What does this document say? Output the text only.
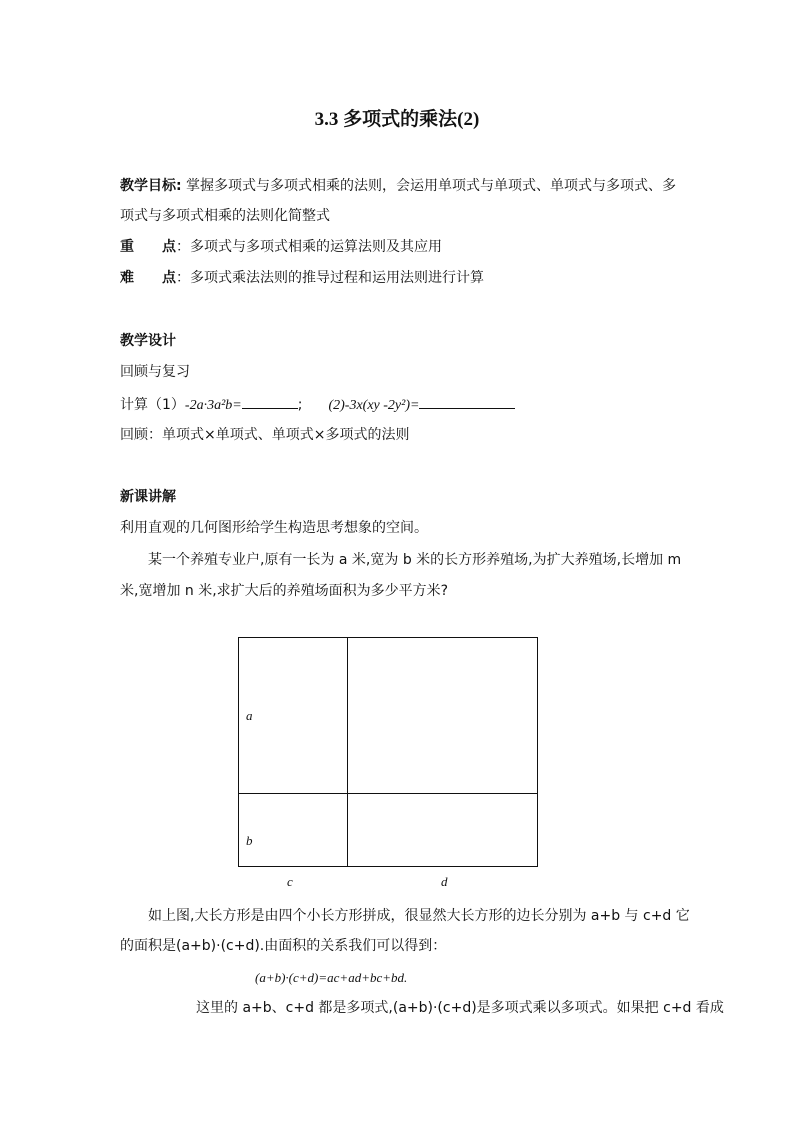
3.3 多项式的乘法(2)
教学目标: 掌握多项式与多项式相乘的法则，会运用单项式与单项式、单项式与多项式、多
项式与多项式相乘的法则化简整式
重　　点：多项式与多项式相乘的运算法则及其应用
难　　点：多项式乘法法则的推导过程和运用法则进行计算
教学设计
回顾与复习
计算（1）-2a·3a²b=	; (2)-3x(xy -2y²)=
回顾：单项式×单项式、单项式×多项式的法则
新课讲解
利用直观的几何图形给学生构造思考想象的空间。
某一个养殖专业户,原有一长为 a 米,宽为 b 米的长方形养殖场,为扩大养殖场,长增加 m
米,宽增加 n 米,求扩大后的养殖场面积为多少平方米?
a
b
c	d
如上图,大长方形是由四个小长方形拼成，很显然大长方形的边长分别为 a+b 与 c+d 它
的面积是(a+b)·(c+d).由面积的关系我们可以得到：
(a+b)·(c+d)=ac+ad+bc+bd.
这里的 a+b、c+d 都是多项式,(a+b)·(c+d)是多项式乘以多项式。如果把 c+d 看成
